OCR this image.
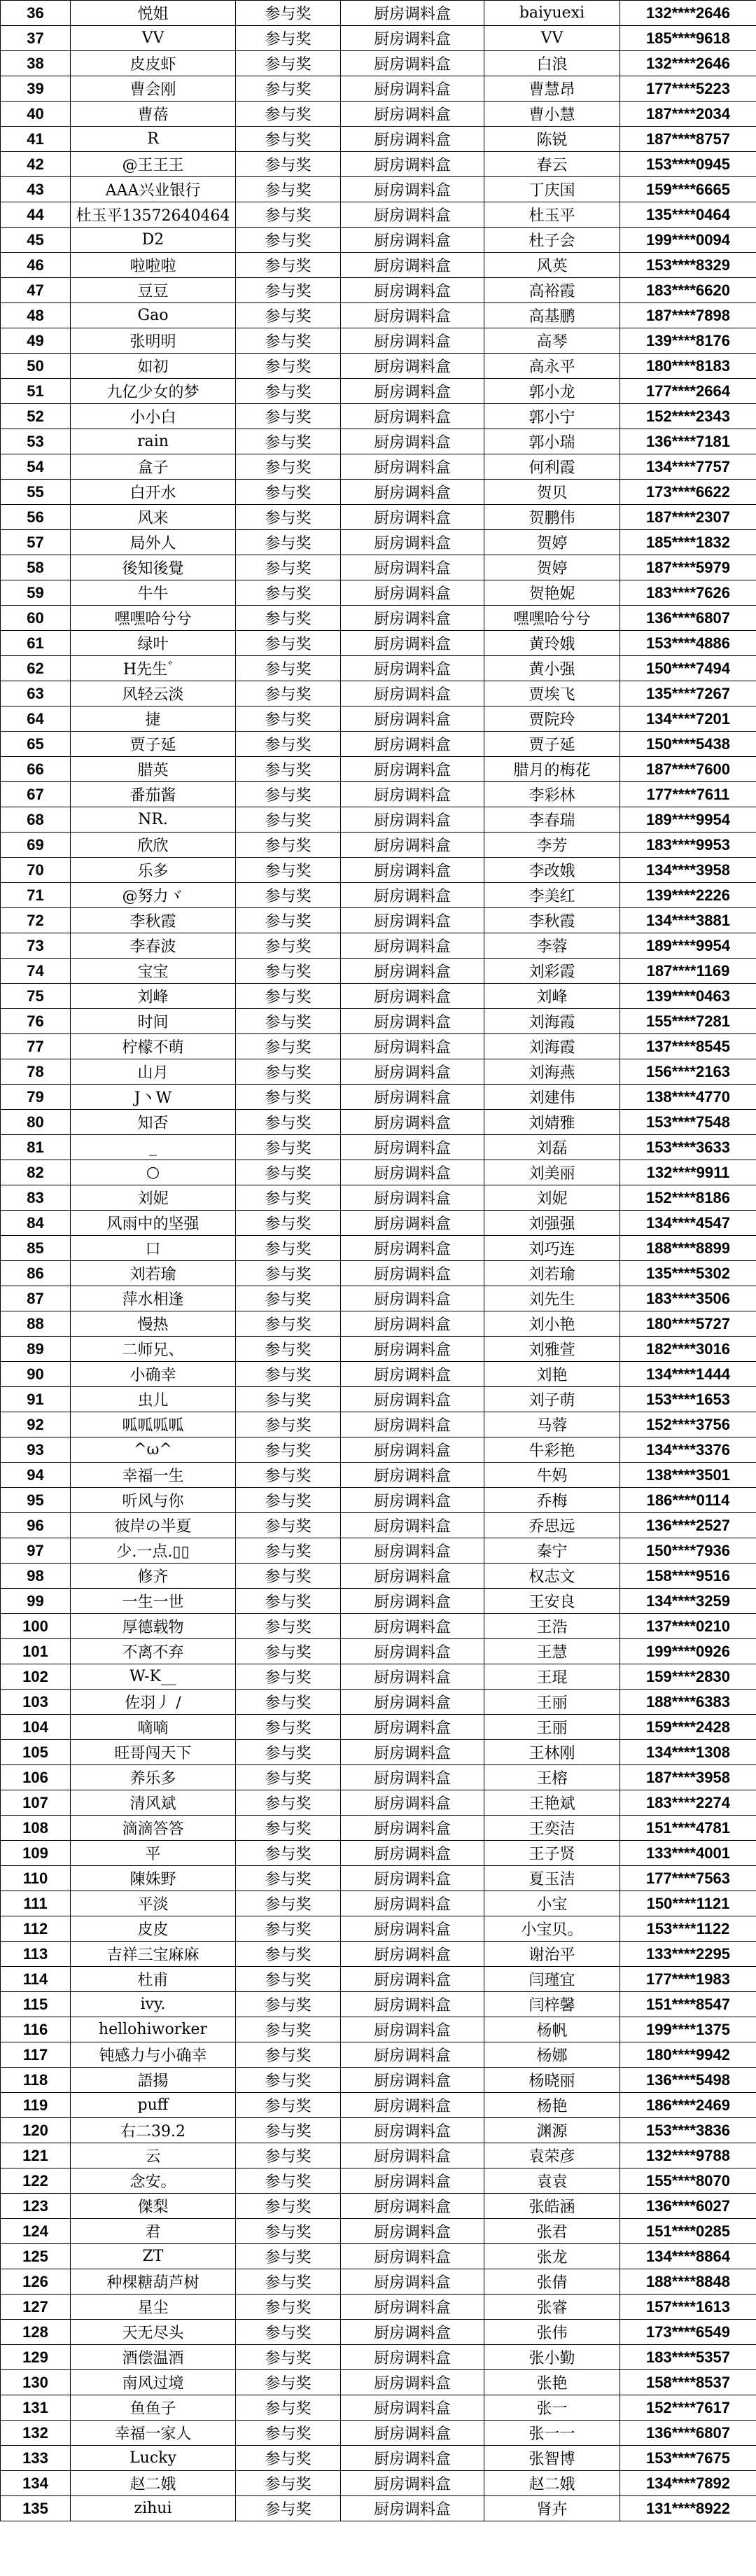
36	悦姐	参与奖	厨房调料盒	baiyuexi	132****2646
37	VV	参与奖	厨房调料盒	VV	185****9618
38	皮皮虾	参与奖	厨房调料盒	白浪	132****2646
39	曹会刚	参与奖	厨房调料盒	曹慧昂	177****5223
40	曹蓓	参与奖	厨房调料盒	曹小慧	187****2034
41	R	参与奖	厨房调料盒	陈锐	187****8757
42	@王王王	参与奖	厨房调料盒	春云	153****0945
43	AAA兴业银行	参与奖	厨房调料盒	丁庆国	159****6665
44	杜玉平13572640464	参与奖	厨房调料盒	杜玉平	135****0464
45	D2	参与奖	厨房调料盒	杜子会	199****0094
46	啦啦啦	参与奖	厨房调料盒	风英	153****8329
47	豆豆	参与奖	厨房调料盒	高裕霞	183****6620
48	Gao	参与奖	厨房调料盒	高基鹏	187****7898
49	张明明	参与奖	厨房调料盒	高琴	139****8176
50	如初	参与奖	厨房调料盒	高永平	180****8183
51	九亿少女的梦	参与奖	厨房调料盒	郭小龙	177****2664
52	小小白	参与奖	厨房调料盒	郭小宁	152****2343
53	rain	参与奖	厨房调料盒	郭小瑞	136****7181
54	盒子	参与奖	厨房调料盒	何利霞	134****7757
55	白开水	参与奖	厨房调料盒	贺贝	173****6622
56	风来	参与奖	厨房调料盒	贺鹏伟	187****2307
57	局外人	参与奖	厨房调料盒	贺婷	185****1832
58	後知後覺	参与奖	厨房调料盒	贺婷	187****5979
59	牛牛	参与奖	厨房调料盒	贺艳妮	183****7626
60	嘿嘿哈兮兮	参与奖	厨房调料盒	嘿嘿哈兮兮	136****6807
61	绿叶	参与奖	厨房调料盒	黄玲娥	153****4886
62	H先生゛	参与奖	厨房调料盒	黄小强	150****7494
63	风轻云淡	参与奖	厨房调料盒	贾埃飞	135****7267
64	捷	参与奖	厨房调料盒	贾院玲	134****7201
65	贾子延	参与奖	厨房调料盒	贾子延	150****5438
66	腊英	参与奖	厨房调料盒	腊月的梅花	187****7600
67	番茄酱	参与奖	厨房调料盒	李彩林	177****7611
68	NR.	参与奖	厨房调料盒	李春瑞	189****9954
69	欣欣	参与奖	厨房调料盒	李芳	183****9953
70	乐多	参与奖	厨房调料盒	李改娥	134****3958
71	@努力ヾ	参与奖	厨房调料盒	李美红	139****2226
72	李秋霞	参与奖	厨房调料盒	李秋霞	134****3881
73	李春波	参与奖	厨房调料盒	李蓉	189****9954
74	宝宝	参与奖	厨房调料盒	刘彩霞	187****1169
75	刘峰	参与奖	厨房调料盒	刘峰	139****0463
76	时间	参与奖	厨房调料盒	刘海霞	155****7281
77	柠檬不萌	参与奖	厨房调料盒	刘海霞	137****8545
78	山月	参与奖	厨房调料盒	刘海燕	156****2163
79	J丶W	参与奖	厨房调料盒	刘建伟	138****4770
80	知否	参与奖	厨房调料盒	刘婧雅	153****7548
81	_	参与奖	厨房调料盒	刘磊	153****3633
82	○	参与奖	厨房调料盒	刘美丽	132****9911
83	刘妮	参与奖	厨房调料盒	刘妮	152****8186
84	风雨中的坚强	参与奖	厨房调料盒	刘强强	134****4547
85	口	参与奖	厨房调料盒	刘巧连	188****8899
86	刘若瑜	参与奖	厨房调料盒	刘若瑜	135****5302
87	萍水相逢	参与奖	厨房调料盒	刘先生	183****3506
88	慢热	参与奖	厨房调料盒	刘小艳	180****5727
89	二师兄、	参与奖	厨房调料盒	刘雅萱	182****3016
90	小确幸	参与奖	厨房调料盒	刘艳	134****1444
91	虫儿	参与奖	厨房调料盒	刘子萌	153****1653
92	呱呱呱呱	参与奖	厨房调料盒	马蓉	152****3756
93	^ω^	参与奖	厨房调料盒	牛彩艳	134****3376
94	幸福一生	参与奖	厨房调料盒	牛妈	138****3501
95	听风与你	参与奖	厨房调料盒	乔梅	186****0114
96	彼岸の半夏	参与奖	厨房调料盒	乔思远	136****2527
97	少.一点.▯▯	参与奖	厨房调料盒	秦宁	150****7936
98	修齐	参与奖	厨房调料盒	权志文	158****9516
99	一生一世	参与奖	厨房调料盒	王安良	134****3259
100	厚德载物	参与奖	厨房调料盒	王浩	137****0210
101	不离不弃	参与奖	厨房调料盒	王慧	199****0926
102	W-K__	参与奖	厨房调料盒	王琨	159****2830
103	佐羽丿 /	参与奖	厨房调料盒	王丽	188****6383
104	嘀嘀	参与奖	厨房调料盒	王丽	159****2428
105	旺哥闯天下	参与奖	厨房调料盒	王林刚	134****1308
106	养乐多	参与奖	厨房调料盒	王榕	187****3958
107	清风斌	参与奖	厨房调料盒	王艳斌	183****2274
108	滴滴答答	参与奖	厨房调料盒	王奕洁	151****4781
109	平	参与奖	厨房调料盒	王子贤	133****4001
110	陳姝野	参与奖	厨房调料盒	夏玉洁	177****7563
111	平淡	参与奖	厨房调料盒	小宝	150****1121
112	皮皮	参与奖	厨房调料盒	小宝贝。	153****1122
113	吉祥三宝麻麻	参与奖	厨房调料盒	谢治平	133****2295
114	杜甫	参与奖	厨房调料盒	闫瑾宜	177****1983
115	ivy.	参与奖	厨房调料盒	闫梓馨	151****8547
116	hellohiworker	参与奖	厨房调料盒	杨帆	199****1375
117	钝感力与小确幸	参与奖	厨房调料盒	杨娜	180****9942
118	語揚	参与奖	厨房调料盒	杨晓丽	136****5498
119	puff	参与奖	厨房调料盒	杨艳	186****2469
120	右二39.2	参与奖	厨房调料盒	渊源	153****3836
121	云	参与奖	厨房调料盒	袁荣彦	132****9788
122	念安。	参与奖	厨房调料盒	袁袁	155****8070
123	傑梨	参与奖	厨房调料盒	张皓涵	136****6027
124	君	参与奖	厨房调料盒	张君	151****0285
125	ZT	参与奖	厨房调料盒	张龙	134****8864
126	种棵糖葫芦树	参与奖	厨房调料盒	张倩	188****8848
127	星尘	参与奖	厨房调料盒	张睿	157****1613
128	天无尽头	参与奖	厨房调料盒	张伟	173****6549
129	酒偿温酒	参与奖	厨房调料盒	张小勤	183****5357
130	南风过境	参与奖	厨房调料盒	张艳	158****8537
131	鱼鱼子	参与奖	厨房调料盒	张一	152****7617
132	幸福一家人	参与奖	厨房调料盒	张一一	136****6807
133	Lucky	参与奖	厨房调料盒	张智博	153****7675
134	赵二娥	参与奖	厨房调料盒	赵二娥	134****7892
135	zihui	参与奖	厨房调料盒	肾卉	131****8922
